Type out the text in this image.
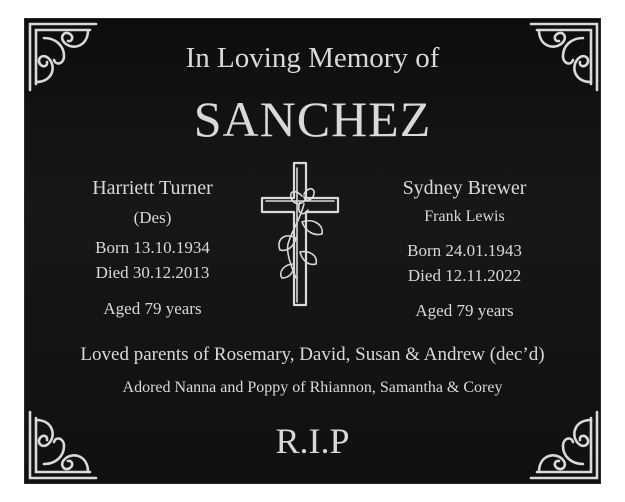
In Loving Memory of
SANCHEZ
Harriett Turner
(Des)
Born 13.10.1934
Died 30.12.2013
Aged 79 years
Sydney Brewer
Frank Lewis
Born 24.01.1943
Died 12.11.2022
Aged 79 years
Loved parents of Rosemary, David, Susan & Andrew (dec’d)
Adored Nanna and Poppy of Rhiannon, Samantha & Corey
R.I.P
